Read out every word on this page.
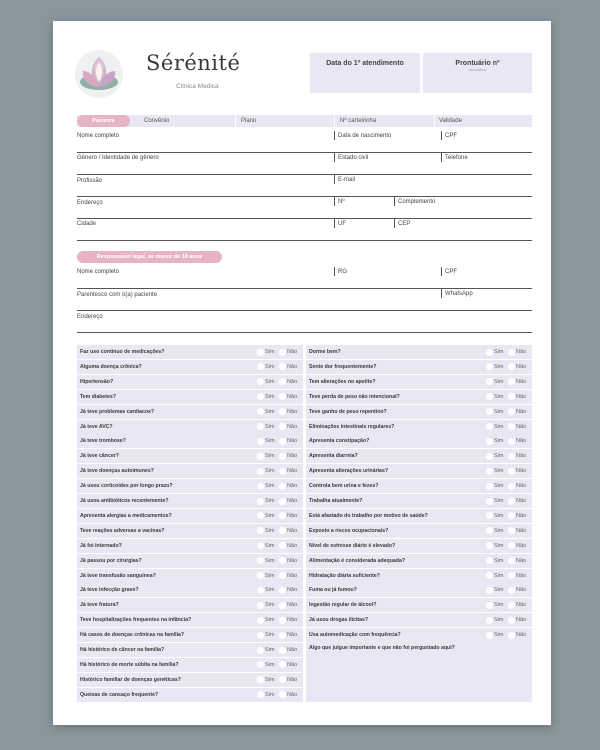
Sérénité
Clínica Medica
Data do 1º atendimento	Prontuário nº
Uso interno
Paciente	Convênio	Plano	Nº carteirinha	Validade
Nome completo	Data de nascimento	CPF
Gênero / Identidade de gênero	Estado civil	Telefone
Profissão	E-mail
Endereço	Nº	Complemento
Cidade	UF	CEP
Responsável legal, se menor de 18 anos
Nome completo	RG	CPF
Parentesco com o(a) paciente	WhatsApp
Endereço
Faz uso contínuo de medicações?	Sim Não
Alguma doença crônica?	Sim Não
Hipertensão?	Sim Não
Tem diabetes?	Sim Não
Já teve problemas cardíacos?	Sim Não
Já teve AVC?	Sim Não
Já teve trombose?	Sim Não
Já teve câncer?	Sim Não
Já teve doenças autoimunes?	Sim Não
Já usou corticoides por longo prazo?	Sim Não
Já usou antibióticos recentemente?	Sim Não
Apresenta alergias a medicamentos?	Sim Não
Teve reações adversas a vacinas?	Sim Não
Já foi internado?	Sim Não
Já passou por cirurgias?	Sim Não
Já teve transfusão sanguínea?	Sim Não
Já teve infecção grave?	Sim Não
Já teve fratura?	Sim Não
Teve hospitalizações frequentes na infância?	Sim Não
Há casos de doenças crônicas na família?	Sim Não
Há histórico de câncer na família?	Sim Não
Há histórico de morte súbita na família?	Sim Não
Histórico familiar de doenças genéticas?	Sim Não
Queixas de cansaço frequente?	Sim Não
Dorme bem?	Sim Não
Sente dor frequentemente?	Sim Não
Tem alterações no apetite?	Sim Não
Teve perda de peso não intencional?	Sim Não
Teve ganho de peso repentino?	Sim Não
Eliminações intestinais regulares?	Sim Não
Apresenta constipação?	Sim Não
Apresenta diarreia?	Sim Não
Apresenta alterações urinárias?	Sim Não
Controla bem urina e fezes?	Sim Não
Trabalha atualmente?	Sim Não
Está afastado do trabalho por motivo de saúde?	Sim Não
Exposto a riscos ocupacionais?	Sim Não
Nível de estresse diário é elevado?	Sim Não
Alimentação é considerada adequada?	Sim Não
Hidratação diária suficiente?	Sim Não
Fuma ou já fumou?	Sim Não
Ingestão regular de álcool?	Sim Não
Já usou drogas ilícitas?	Sim Não
Usa automedicação com frequência?	Sim Não
Algo que julgue importante e que não foi perguntado aqui?
